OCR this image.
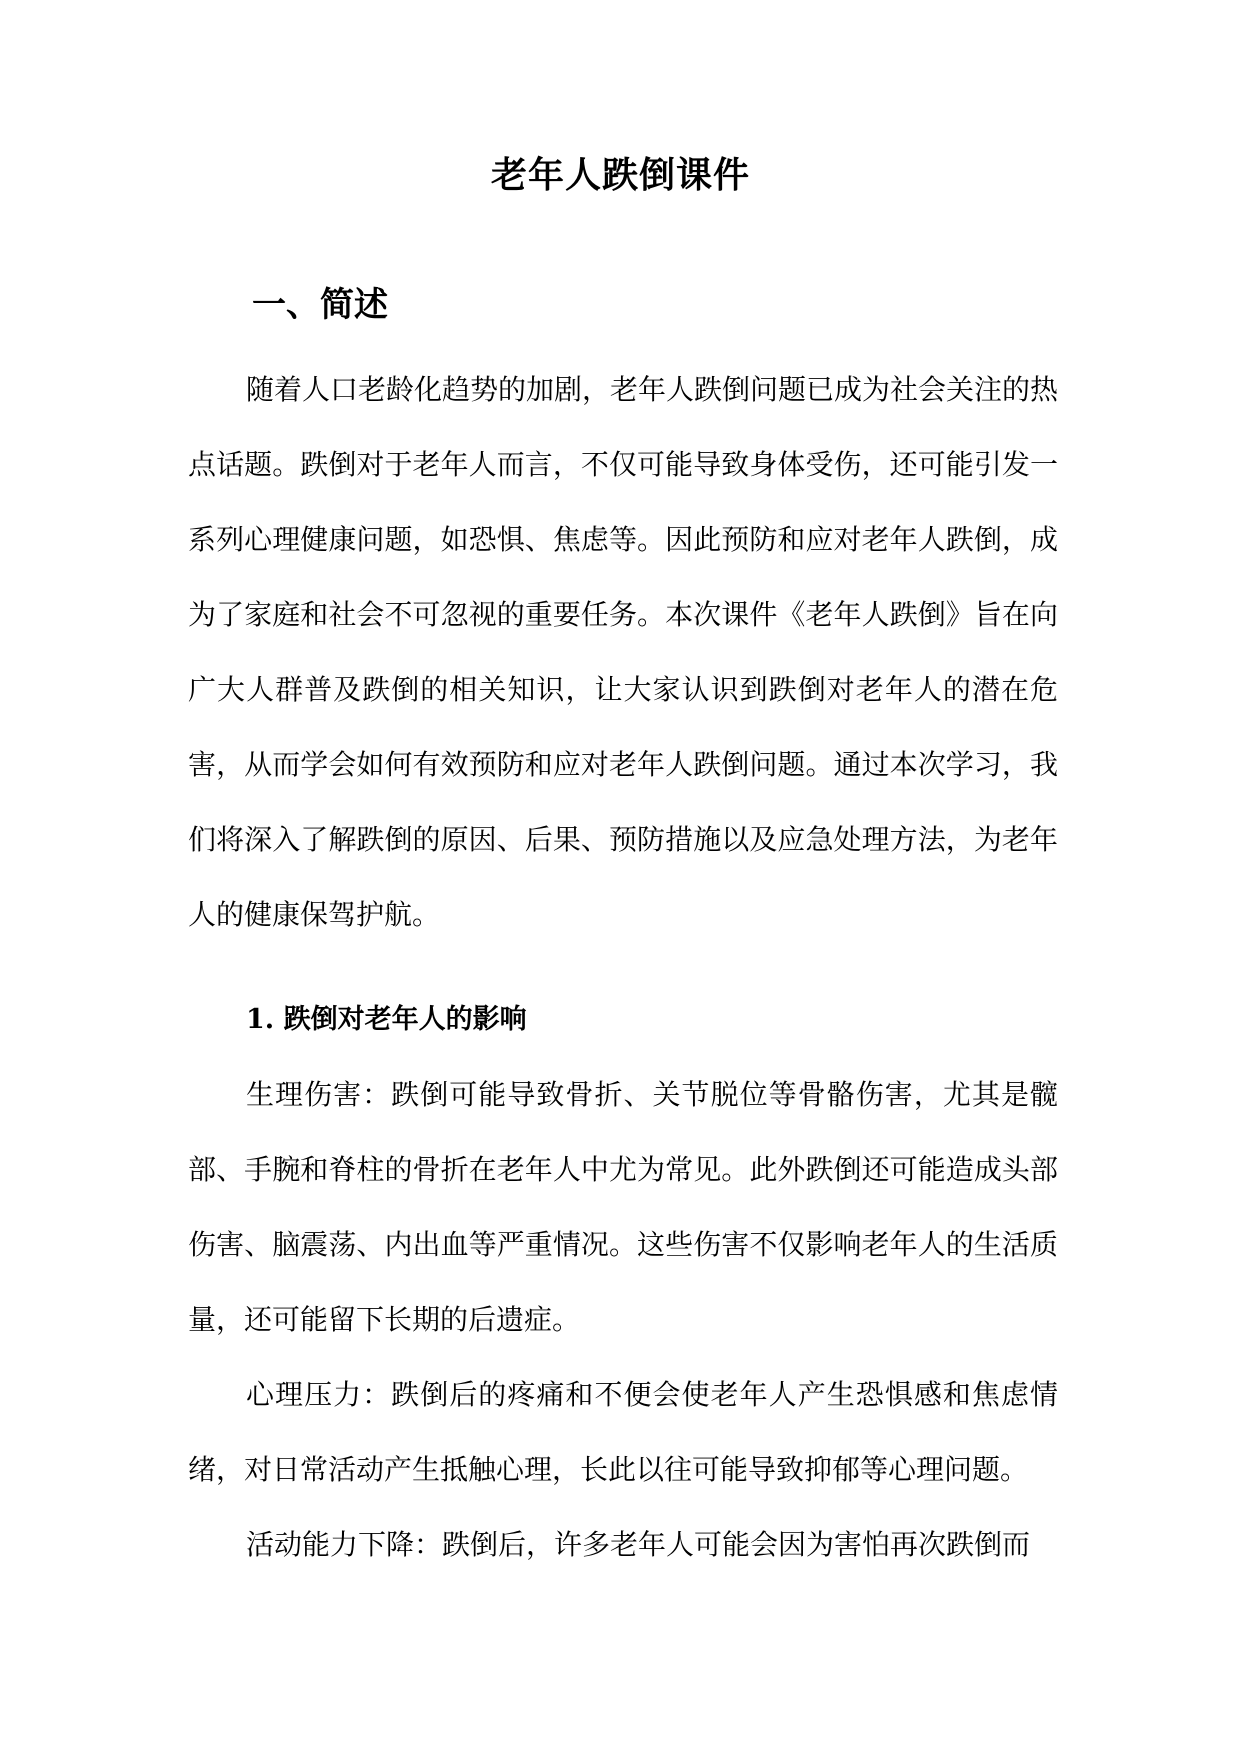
老年人跌倒课件
一、简述

随着人口老龄化趋势的加剧，老年人跌倒问题已成为社会关注的热点话题。跌倒对于老年人而言，不仅可能导致身体受伤，还可能引发一系列心理健康问题，如恐惧、焦虑等。因此预防和应对老年人跌倒，成为了家庭和社会不可忽视的重要任务。本次课件《老年人跌倒》旨在向广大人群普及跌倒的相关知识，让大家认识到跌倒对老年人的潜在危害，从而学会如何有效预防和应对老年人跌倒问题。通过本次学习，我们将深入了解跌倒的原因、后果、预防措施以及应急处理方法，为老年人的健康保驾护航。

1. 跌倒对老年人的影响

生理伤害：跌倒可能导致骨折、关节脱位等骨骼伤害，尤其是髋部、手腕和脊柱的骨折在老年人中尤为常见。此外跌倒还可能造成头部伤害、脑震荡、内出血等严重情况。这些伤害不仅影响老年人的生活质量，还可能留下长期的后遗症。

心理压力：跌倒后的疼痛和不便会使老年人产生恐惧感和焦虑情绪，对日常活动产生抵触心理，长此以往可能导致抑郁等心理问题。

活动能力下降：跌倒后，许多老年人可能会因为害怕再次跌倒而
